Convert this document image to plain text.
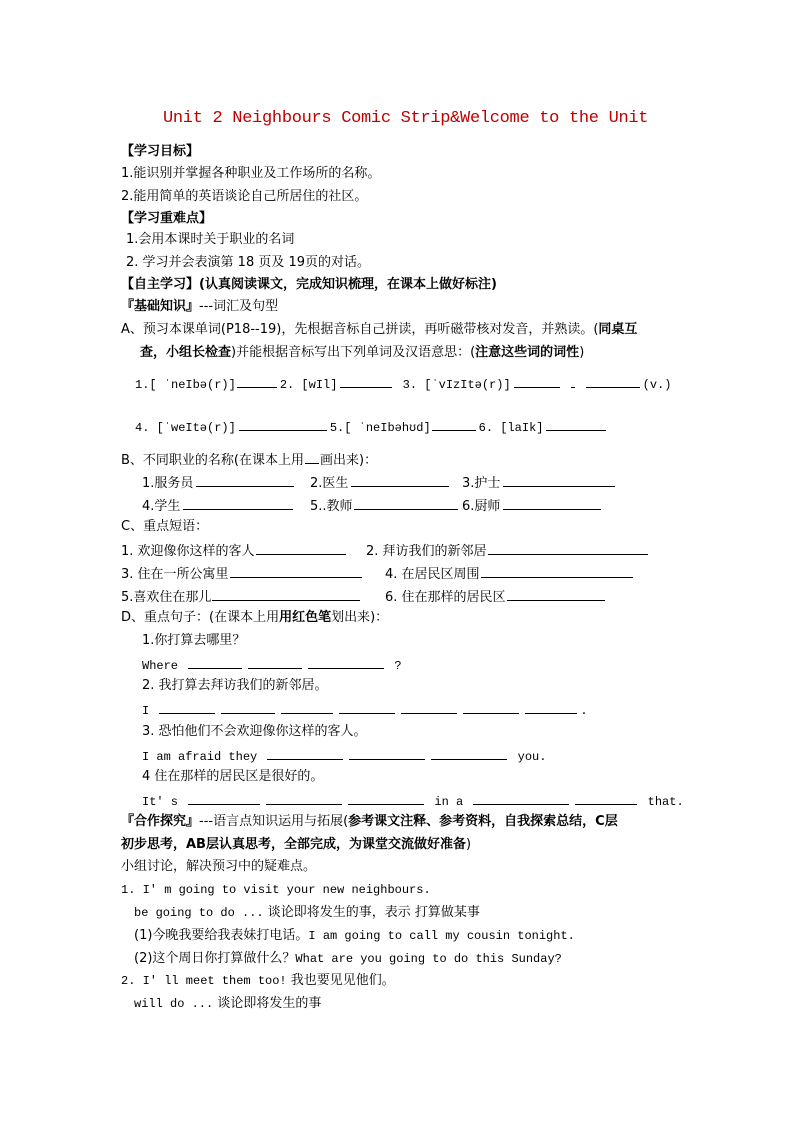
Unit 2 Neighbours Comic Strip&Welcome to the Unit
【学习目标】
1.能识别并掌握各种职业及工作场所的名称。
2.能用简单的英语谈论自己所居住的社区。
【学习重难点】
1.会用本课时关于职业的名词
2. 学习并会表演第 18 页及 19页的对话。
【自主学习】(认真阅读课文，完成知识梳理，在课本上做好标注)
『基础知识』---词汇及句型
A、预习本课单词(P18--19)，先根据音标自己拼读，再听磁带核对发音，并熟读。(同桌互
查，小组长检查)并能根据音标写出下列单词及汉语意思：(注意这些词的词性)
1.[ ˈneIbə(r)]	2. [wIl]	3. [ˈvIzItə(r)]	(v.)
4. [ˈweItə(r)]	5.[ ˈneIbəhʊd]	6. [laIk]
B、不同职业的名称(在课本上用 画出来)：
1.服务员	2.医生	3.护士
4.学生	5..教师	6.厨师
C、重点短语：
1. 欢迎像你这样的客人	2. 拜访我们的新邻居
3. 住在一所公寓里	4. 在居民区周围
5.喜欢住在那儿	6. 住在那样的居民区
D、重点句子：(在课本上用用红色笔划出来)：
1.你打算去哪里？
Where	?
2. 我打算去拜访我们的新邻居。
I	.
3. 恐怕他们不会欢迎像你这样的客人。
I am afraid they	you.
4 住在那样的居民区是很好的。
It' s	in a	that.
『合作探究』---语言点知识运用与拓展(参考课文注释、参考资料，自我探索总结，C层
初步思考，AB层认真思考，全部完成，为课堂交流做好准备)
小组讨论，解决预习中的疑难点。
1. I' m going to visit your new neighbours.
be going to do ... 谈论即将发生的事，表示 打算做某事
(1)今晚我要给我表妹打电话。I am going to call my cousin tonight.
(2)这个周日你打算做什么？What are you going to do this Sunday?
2. I' ll meet them too! 我也要见见他们。
will do ... 谈论即将发生的事
